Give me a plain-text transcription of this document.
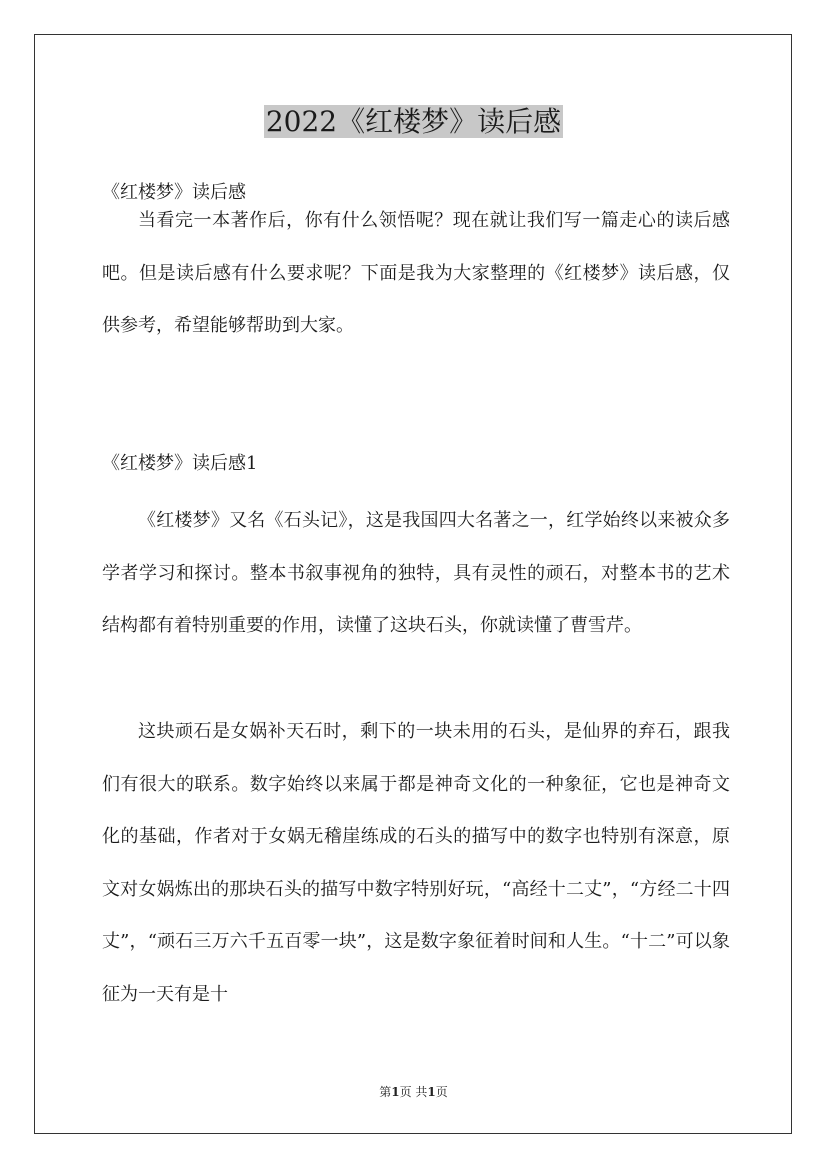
2022《红楼梦》读后感

《红楼梦》读后感

当看完一本著作后，你有什么领悟呢？现在就让我们写一篇走心的读后感吧。但是读后感有什么要求呢？下面是我为大家整理的《红楼梦》读后感，仅供参考，希望能够帮助到大家。

《红楼梦》读后感1

《红楼梦》又名《石头记》，这是我国四大名著之一，红学始终以来被众多学者学习和探讨。整本书叙事视角的独特，具有灵性的顽石，对整本书的艺术结构都有着特别重要的作用，读懂了这块石头，你就读懂了曹雪芹。

这块顽石是女娲补天石时，剩下的一块未用的石头，是仙界的弃石，跟我们有很大的联系。数字始终以来属于都是神奇文化的一种象征，它也是神奇文化的基础，作者对于女娲无稽崖练成的石头的描写中的数字也特别有深意，原文对女娲炼出的那块石头的描写中数字特别好玩，“高经十二丈”，“方经二十四丈”，“顽石三万六千五百零一块”，这是数字象征着时间和人生。“十二”可以象征为一天有是十

第1页 共1页
